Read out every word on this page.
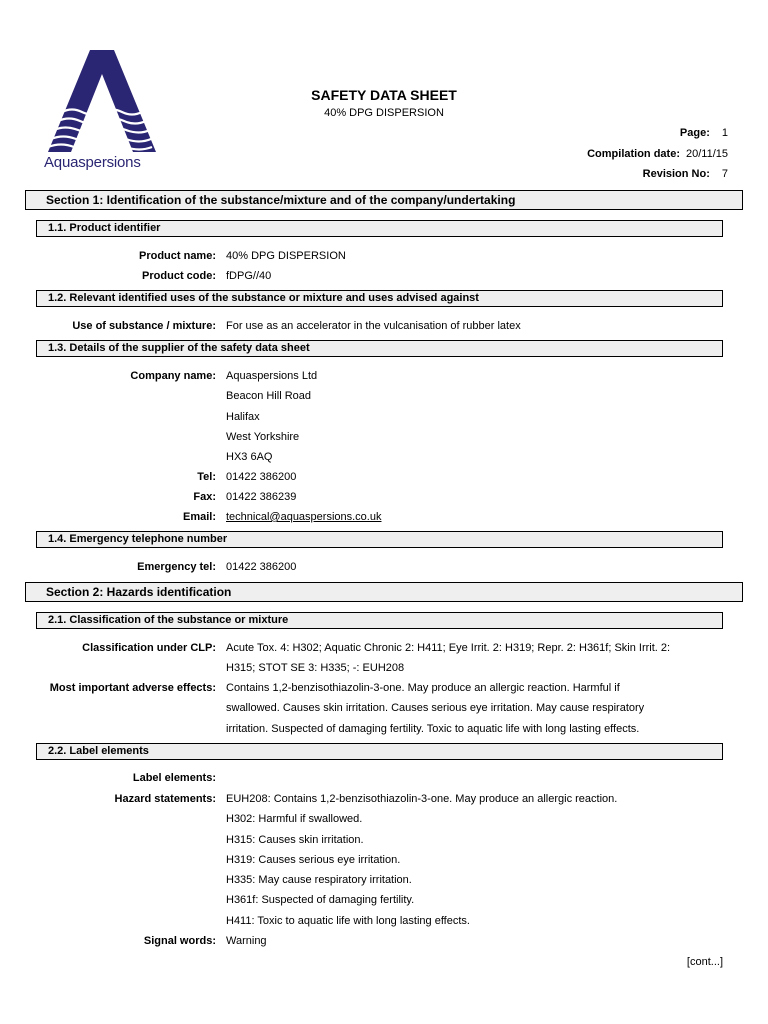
Aquaspersions
SAFETY DATA SHEET
40% DPG DISPERSION
Page: 1
Compilation date: 20/11/15
Revision No: 7
Section 1: Identification of the substance/mixture and of the company/undertaking
1.1. Product identifier
Product name: 40% DPG DISPERSION
Product code: fDPG//40
1.2. Relevant identified uses of the substance or mixture and uses advised against
Use of substance / mixture: For use as an accelerator in the vulcanisation of rubber latex
1.3. Details of the supplier of the safety data sheet
Company name: Aquaspersions Ltd
Beacon Hill Road
Halifax
West Yorkshire
HX3 6AQ
Tel: 01422 386200
Fax: 01422 386239
Email: technical@aquaspersions.co.uk
1.4. Emergency telephone number
Emergency tel: 01422 386200
Section 2: Hazards identification
2.1. Classification of the substance or mixture
Classification under CLP: Acute Tox. 4: H302; Aquatic Chronic 2: H411; Eye Irrit. 2: H319; Repr. 2: H361f; Skin Irrit. 2:
H315; STOT SE 3: H335; -: EUH208
Most important adverse effects: Contains 1,2-benzisothiazolin-3-one. May produce an allergic reaction. Harmful if
swallowed. Causes skin irritation. Causes serious eye irritation. May cause respiratory
irritation. Suspected of damaging fertility. Toxic to aquatic life with long lasting effects.
2.2. Label elements
Label elements:
Hazard statements: EUH208: Contains 1,2-benzisothiazolin-3-one. May produce an allergic reaction.
H302: Harmful if swallowed.
H315: Causes skin irritation.
H319: Causes serious eye irritation.
H335: May cause respiratory irritation.
H361f: Suspected of damaging fertility.
H411: Toxic to aquatic life with long lasting effects.
Signal words: Warning
[cont...]
